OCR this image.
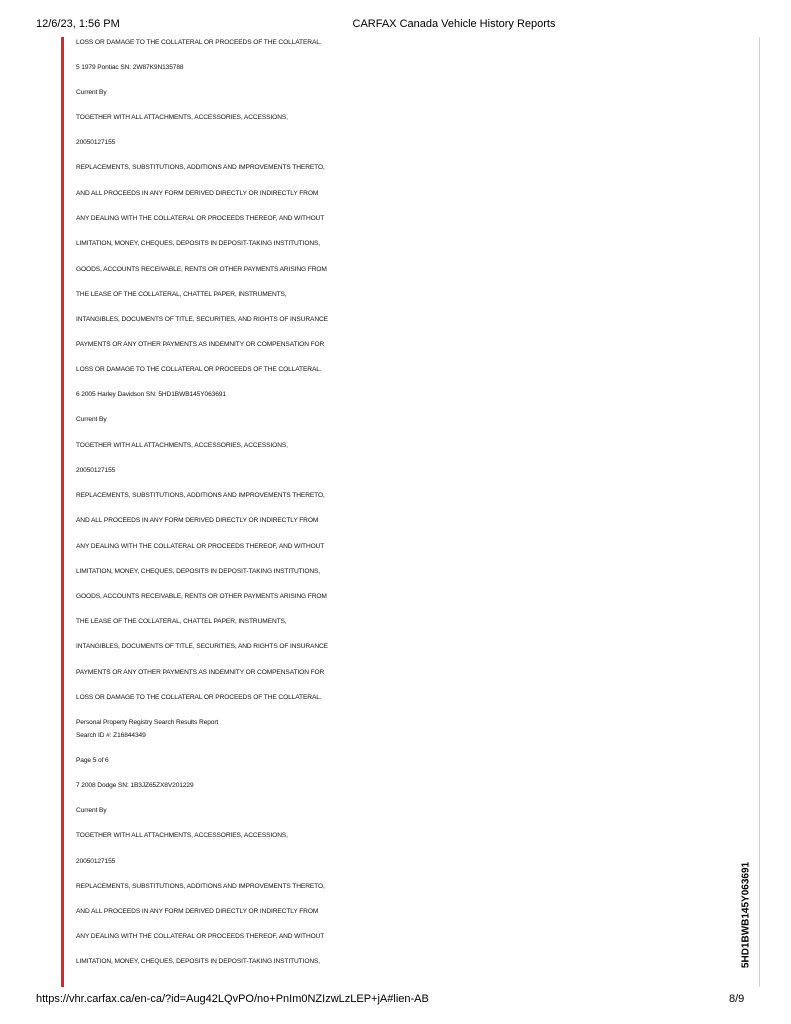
12/6/23, 1:56 PM	CARFAX Canada Vehicle History Reports
LOSS OR DAMAGE TO THE COLLATERAL OR PROCEEDS OF THE COLLATERAL.
5 1979 Pontiac SN: 2W87K9N135788
Current By
TOGETHER WITH ALL ATTACHMENTS, ACCESSORIES, ACCESSIONS,
20050127155
REPLACEMENTS, SUBSTITUTIONS, ADDITIONS AND IMPROVEMENTS THERETO,
AND ALL PROCEEDS IN ANY FORM DERIVED DIRECTLY OR INDIRECTLY FROM
ANY DEALING WITH THE COLLATERAL OR PROCEEDS THEREOF, AND WITHOUT
LIMITATION, MONEY, CHEQUES, DEPOSITS IN DEPOSIT-TAKING INSTITUTIONS,
GOODS, ACCOUNTS RECEIVABLE, RENTS OR OTHER PAYMENTS ARISING FROM
THE LEASE OF THE COLLATERAL, CHATTEL PAPER, INSTRUMENTS,
INTANGIBLES, DOCUMENTS OF TITLE, SECURITIES, AND RIGHTS OF INSURANCE
PAYMENTS OR ANY OTHER PAYMENTS AS INDEMNITY OR COMPENSATION FOR
LOSS OR DAMAGE TO THE COLLATERAL OR PROCEEDS OF THE COLLATERAL.
6 2005 Harley Davidson SN: 5HD1BWB145Y063691
Current By
TOGETHER WITH ALL ATTACHMENTS, ACCESSORIES, ACCESSIONS,
20050127155
REPLACEMENTS, SUBSTITUTIONS, ADDITIONS AND IMPROVEMENTS THERETO,
AND ALL PROCEEDS IN ANY FORM DERIVED DIRECTLY OR INDIRECTLY FROM
ANY DEALING WITH THE COLLATERAL OR PROCEEDS THEREOF, AND WITHOUT
LIMITATION, MONEY, CHEQUES, DEPOSITS IN DEPOSIT-TAKING INSTITUTIONS,
GOODS, ACCOUNTS RECEIVABLE, RENTS OR OTHER PAYMENTS ARISING FROM
THE LEASE OF THE COLLATERAL, CHATTEL PAPER, INSTRUMENTS,
INTANGIBLES, DOCUMENTS OF TITLE, SECURITIES, AND RIGHTS OF INSURANCE
PAYMENTS OR ANY OTHER PAYMENTS AS INDEMNITY OR COMPENSATION FOR
LOSS OR DAMAGE TO THE COLLATERAL OR PROCEEDS OF THE COLLATERAL.
Personal Property Registry Search Results Report
Search ID #: Z16844349
Page 5 of 6
7 2008 Dodge SN: 1B3JZ65ZX8V201229
Current By
TOGETHER WITH ALL ATTACHMENTS, ACCESSORIES, ACCESSIONS,
20050127155
REPLACEMENTS, SUBSTITUTIONS, ADDITIONS AND IMPROVEMENTS THERETO,
AND ALL PROCEEDS IN ANY FORM DERIVED DIRECTLY OR INDIRECTLY FROM
ANY DEALING WITH THE COLLATERAL OR PROCEEDS THEREOF, AND WITHOUT
LIMITATION, MONEY, CHEQUES, DEPOSITS IN DEPOSIT-TAKING INSTITUTIONS,	5HD1BWB145Y063691
https://vhr.carfax.ca/en-ca/?id=Aug42LQvPO/no+PnIm0NZIzwLzLEP+jA#lien-AB	8/9
